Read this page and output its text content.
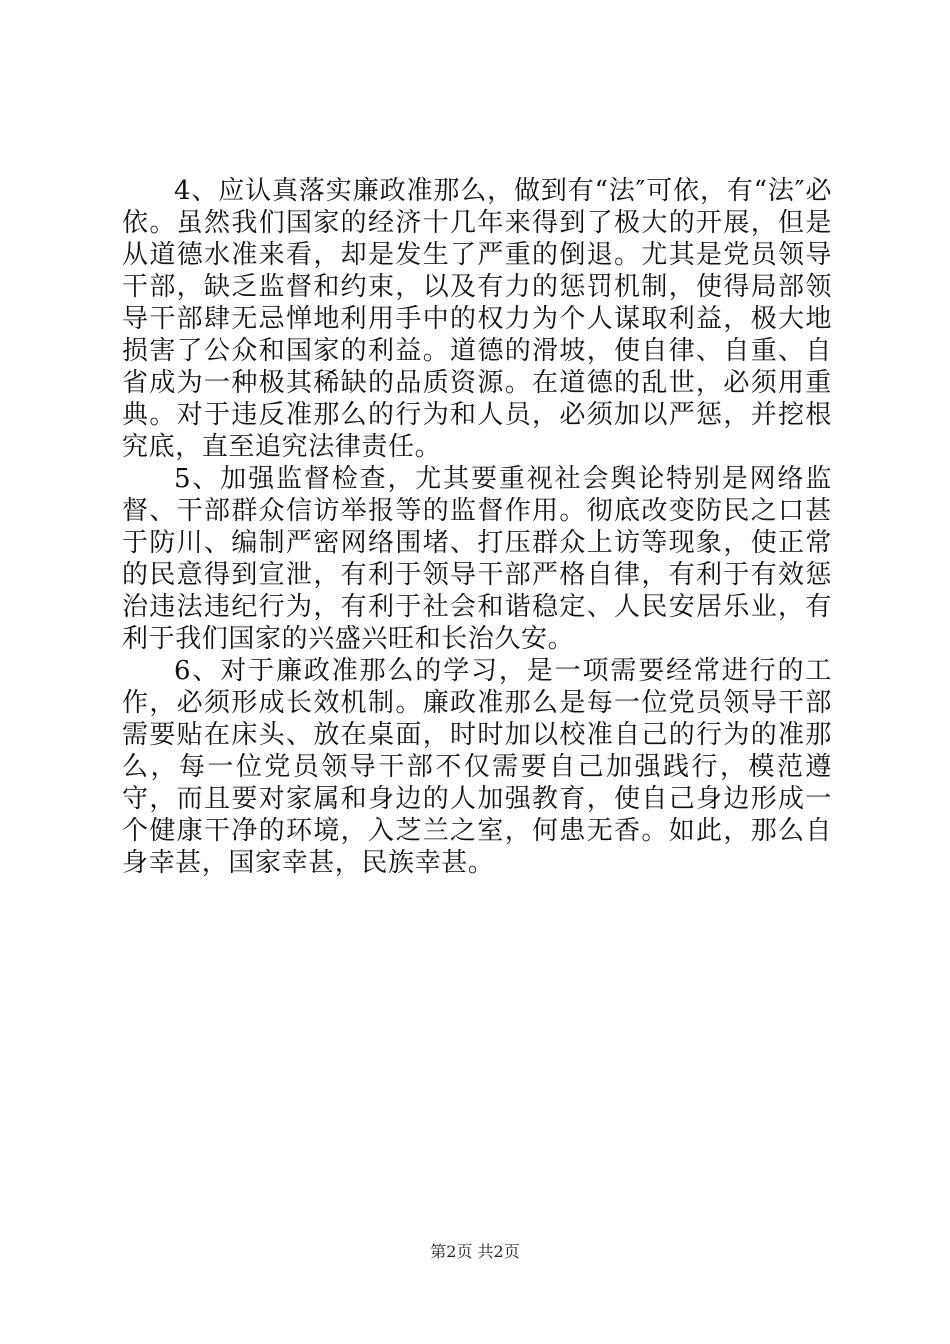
4、应认真落实廉政准那么，做到有“法″可依，有“法″必依。虽然我们国家的经济十几年来得到了极大的开展，但是从道德水准来看，却是发生了严重的倒退。尤其是党员领导干部，缺乏监督和约束，以及有力的惩罚机制，使得局部领导干部肆无忌惮地利用手中的权力为个人谋取利益，极大地损害了公众和国家的利益。道德的滑坡，使自律、自重、自省成为一种极其稀缺的品质资源。在道德的乱世，必须用重典。对于违反准那么的行为和人员，必须加以严惩，并挖根究底，直至追究法律责任。

5、加强监督检查，尤其要重视社会舆论特别是网络监督、干部群众信访举报等的监督作用。彻底改变防民之口甚于防川、编制严密网络围堵、打压群众上访等现象，使正常的民意得到宣泄，有利于领导干部严格自律，有利于有效惩治违法违纪行为，有利于社会和谐稳定、人民安居乐业，有利于我们国家的兴盛兴旺和长治久安。

6、对于廉政准那么的学习，是一项需要经常进行的工作，必须形成长效机制。廉政准那么是每一位党员领导干部需要贴在床头、放在桌面，时时加以校准自己的行为的准那么，每一位党员领导干部不仅需要自己加强践行，模范遵守，而且要对家属和身边的人加强教育，使自己身边形成一个健康干净的环境，入芝兰之室，何患无香。如此，那么自身幸甚，国家幸甚，民族幸甚。

第2页 共2页
